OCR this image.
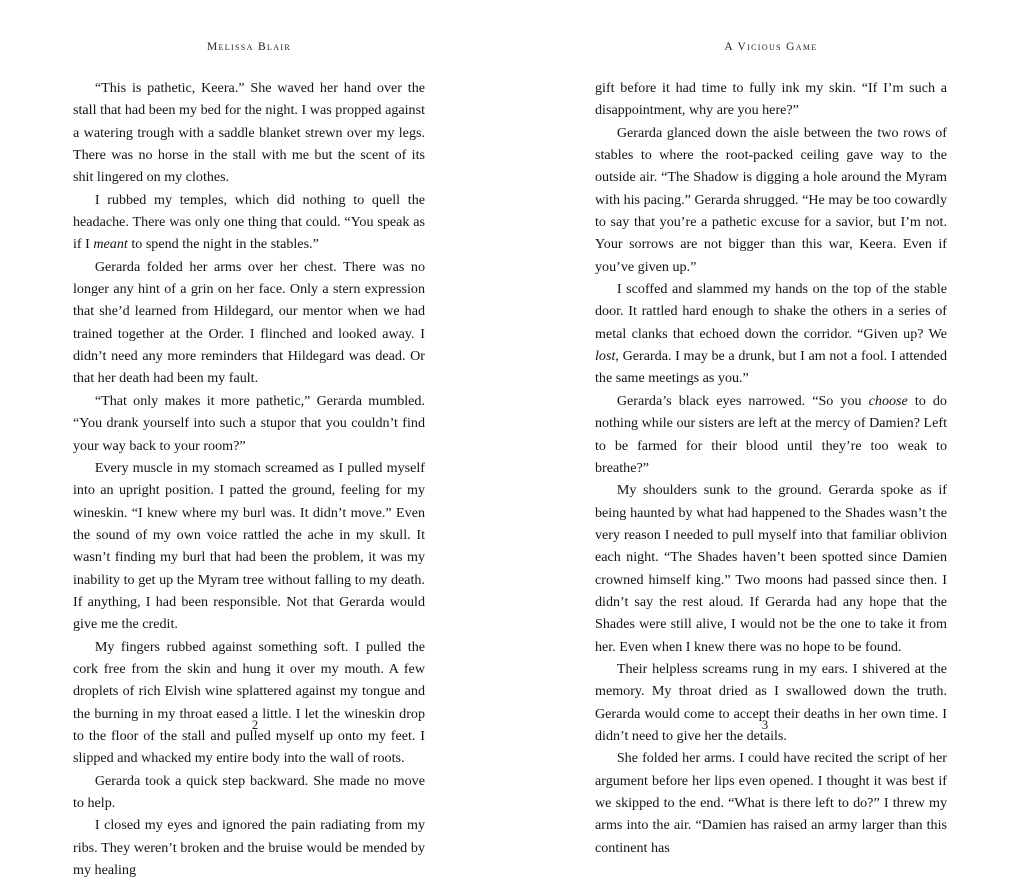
Melissa Blair

“This is pathetic, Keera.” She waved her hand over the stall that had been my bed for the night. I was propped against a watering trough with a saddle blanket strewn over my legs. There was no horse in the stall with me but the scent of its shit lingered on my clothes.

I rubbed my temples, which did nothing to quell the headache. There was only one thing that could. “You speak as if I meant to spend the night in the stables.”

Gerarda folded her arms over her chest. There was no longer any hint of a grin on her face. Only a stern expression that she’d learned from Hildegard, our mentor when we had trained together at the Order. I flinched and looked away. I didn’t need any more reminders that Hildegard was dead. Or that her death had been my fault.

“That only makes it more pathetic,” Gerarda mumbled. “You drank yourself into such a stupor that you couldn’t find your way back to your room?”

Every muscle in my stomach screamed as I pulled myself into an upright position. I patted the ground, feeling for my wineskin. “I knew where my burl was. It didn’t move.” Even the sound of my own voice rattled the ache in my skull. It wasn’t finding my burl that had been the problem, it was my inability to get up the Myram tree without falling to my death. If anything, I had been responsible. Not that Gerarda would give me the credit.

My fingers rubbed against something soft. I pulled the cork free from the skin and hung it over my mouth. A few droplets of rich Elvish wine splattered against my tongue and the burning in my throat eased a little. I let the wineskin drop to the floor of the stall and pulled myself up onto my feet. I slipped and whacked my entire body into the wall of roots.

Gerarda took a quick step backward. She made no move to help.

I closed my eyes and ignored the pain radiating from my ribs. They weren’t broken and the bruise would be mended by my healing

2
A Vicious Game

gift before it had time to fully ink my skin. “If I’m such a disappointment, why are you here?”

Gerarda glanced down the aisle between the two rows of stables to where the root-packed ceiling gave way to the outside air. “The Shadow is digging a hole around the Myram with his pacing.” Gerarda shrugged. “He may be too cowardly to say that you’re a pathetic excuse for a savior, but I’m not. Your sorrows are not bigger than this war, Keera. Even if you’ve given up.”

I scoffed and slammed my hands on the top of the stable door. It rattled hard enough to shake the others in a series of metal clanks that echoed down the corridor. “Given up? We lost, Gerarda. I may be a drunk, but I am not a fool. I attended the same meetings as you.”

Gerarda’s black eyes narrowed. “So you choose to do nothing while our sisters are left at the mercy of Damien? Left to be farmed for their blood until they’re too weak to breathe?”

My shoulders sunk to the ground. Gerarda spoke as if being haunted by what had happened to the Shades wasn’t the very reason I needed to pull myself into that familiar oblivion each night. “The Shades haven’t been spotted since Damien crowned himself king.” Two moons had passed since then. I didn’t say the rest aloud. If Gerarda had any hope that the Shades were still alive, I would not be the one to take it from her. Even when I knew there was no hope to be found.

Their helpless screams rung in my ears. I shivered at the memory. My throat dried as I swallowed down the truth. Gerarda would come to accept their deaths in her own time. I didn’t need to give her the details.

She folded her arms. I could have recited the script of her argument before her lips even opened. I thought it was best if we skipped to the end. “What is there left to do?” I threw my arms into the air. “Damien has raised an army larger than this continent has

3
